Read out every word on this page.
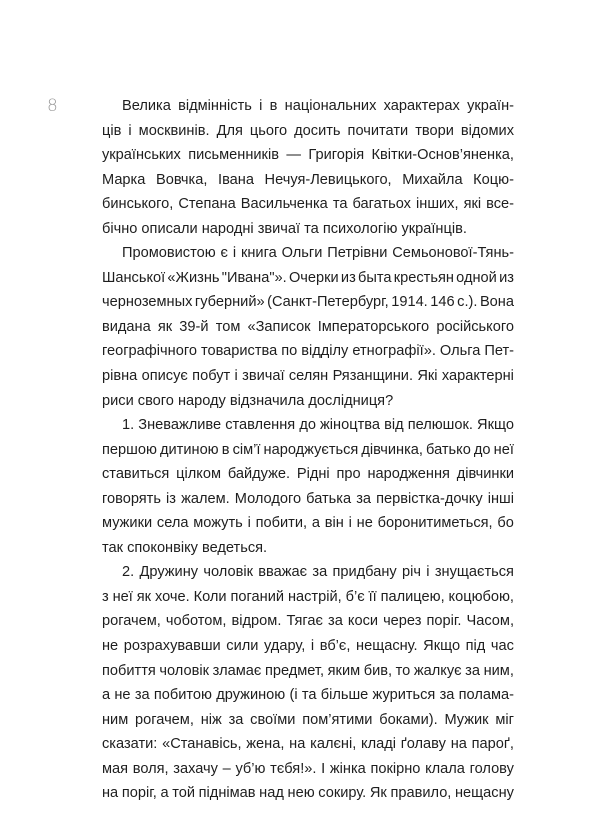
8	Велика відмінність і в національних характерах україн-
ців і москвинів. Для цього досить почитати твори відомих
українських письменників — Григорія Квітки-Основ’яненка,
Марка Вовчка, Івана Нечуя-Левицького, Михайла Коцю-
бинського, Степана Васильченка та багатьох інших, які все-
бічно описали народні звичаї та психологію українців.
Промовистою є і книга Ольги Петрівни Семьонової-Тянь-
Шанської «Жизнь "Ивана"». Очерки из быта крестьян одной из
черноземных губерний» (Санкт-Петербург, 1914. 146 с.). Вона
видана як 39-й том «Записок Імператорського російського
географічного товариства по відділу етнографії». Ольга Пет-
рівна описує побут і звичаї селян Рязанщини. Які характерні
риси свого народу відзначила дослідниця?
1. Зневажливе ставлення до жіноцтва від пелюшок. Якщо
першою дитиною в сім’ї народжується дівчинка, батько до неї
ставиться цілком байдуже. Рідні про народження дівчинки
говорять із жалем. Молодого батька за первістка-дочку інші
мужики села можуть і побити, а він і не боронитиметься, бо
так споконвіку ведеться.
2. Дружину чоловік вважає за придбану річ і знущається
з неї як хоче. Коли поганий настрій, б’є її палицею, коцюбою,
рогачем, чоботом, відром. Тягає за коси через поріг. Часом,
не розрахувавши сили удару, і вб’є, нещасну. Якщо під час
побиття чоловік зламає предмет, яким бив, то жалкує за ним,
а не за побитою дружиною (і та більше журиться за полама-
ним рогачем, ніж за своїми пом’ятими боками). Мужик міг
сказати: «Станавісь, жена, на калєні, кладі ґолаву на пароґ,
мая воля, захачу – уб’ю тєбя!». І жінка покірно клала голову
на поріг, а той піднімав над нею сокиру. Як правило, нещасну
